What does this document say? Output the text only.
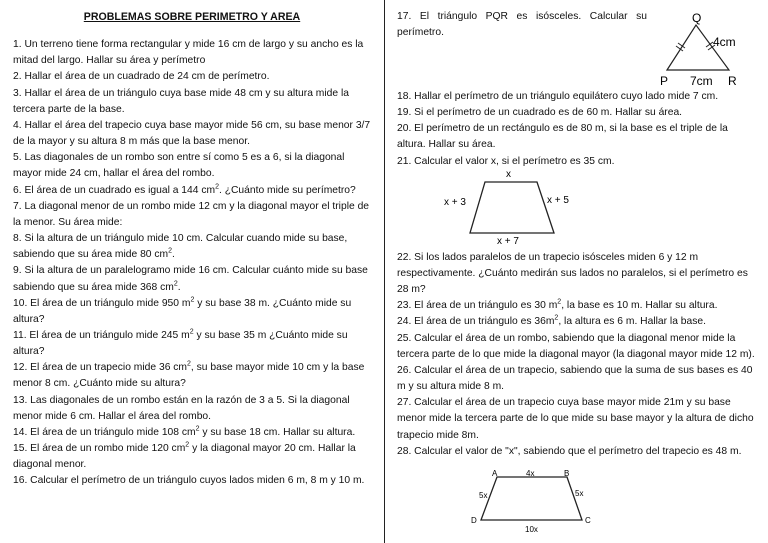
PROBLEMAS SOBRE PERIMETRO Y AREA

1. Un terreno tiene forma rectangular y mide 16 cm de largo y su ancho es la mitad del largo. Hallar su área y perímetro

2. Hallar el área de un cuadrado de 24 cm de perímetro.

3. Hallar el área de un triángulo cuya base mide 48 cm y su altura mide la tercera parte de la base.

4. Hallar el área del trapecio cuya base mayor mide 56 cm, su base menor 3/7 de la mayor y su altura 8 m más que la base menor.

5. Las diagonales de un rombo son entre sí como 5 es a 6, si la diagonal mayor mide 24 cm, hallar el área del rombo.

6. El área de un cuadrado es igual a 144 $cm^2$. ¿Cuánto mide su perímetro?

7. La diagonal menor de un rombo mide 12 cm y la diagonal mayor el triple de la menor. Su área mide:

8. Si la altura de un triángulo mide 10 cm. Calcular cuando mide su base, sabiendo que su área mide 80 $cm^2$.

9. Si la altura de un paralelogramo mide 16 cm. Calcular cuánto mide su base sabiendo que su área mide 368 $cm^2$.

10. El área de un triángulo mide 950 $m^2$ y su base 38 m. ¿Cuánto mide su altura?

11. El área de un triángulo mide 245 $m^2$ y su base 35 m ¿Cuánto mide su altura?

12. El área de un trapecio mide 36 $cm^2$, su base mayor mide 10 cm y la base menor 8 cm. ¿Cuánto mide su altura?

13. Las diagonales de un rombo están en la razón de 3 a 5. Si la diagonal menor mide 6 cm. Hallar el área del rombo.

14. El área de un triángulo mide 108 $cm^2$ y su base 18 cm. Hallar su altura.

15. El área de un rombo mide 120 $cm^2$ y la diagonal mayor 20 cm. Hallar la diagonal menor.

16. Calcular el perímetro de un triángulo cuyos lados miden 6 m, 8 m y 10 m.

17. El triángulo PQR es isósceles. Calcular su perímetro.

18. Hallar el perímetro de un triángulo equilátero cuyo lado mide 7 cm.

19. Si el perímetro de un cuadrado es de 60 m. Hallar su área.

20. El perímetro de un rectángulo es de 80 m, si la base es el triple de la altura. Hallar su área.

21. Calcular el valor x, si el perímetro es 35 cm.

22. Si los lados paralelos de un trapecio isósceles miden 6 y 12 m respectivamente. ¿Cuánto medirán sus lados no paralelos, si el perímetro es 28 m?

23. El área de un triángulo es 30 $m^2$, la base es 10 m. Hallar su altura.

24. El área de un triángulo es $36m^2$, la altura es 6 m. Hallar la base.

25. Calcular el área de un rombo, sabiendo que la diagonal menor mide la tercera parte de lo que mide la diagonal mayor (la diagonal mayor mide 12 m).

26. Calcular el área de un trapecio, sabiendo que la suma de sus bases es 40 m y su altura mide 8 m.

27. Calcular el área de un trapecio cuya base mayor mide 21m y su base menor mide la tercera parte de lo que mide su base mayor y la altura de dicho trapecio mide 8m.

28. Calcular el valor de "x", sabiendo que el perímetro del trapecio es 48 m.

Q
P	R
4cm
7cm
x
x + 3	x + 5
x + 7
A	B
C
D
4x
5x	5x
10x
